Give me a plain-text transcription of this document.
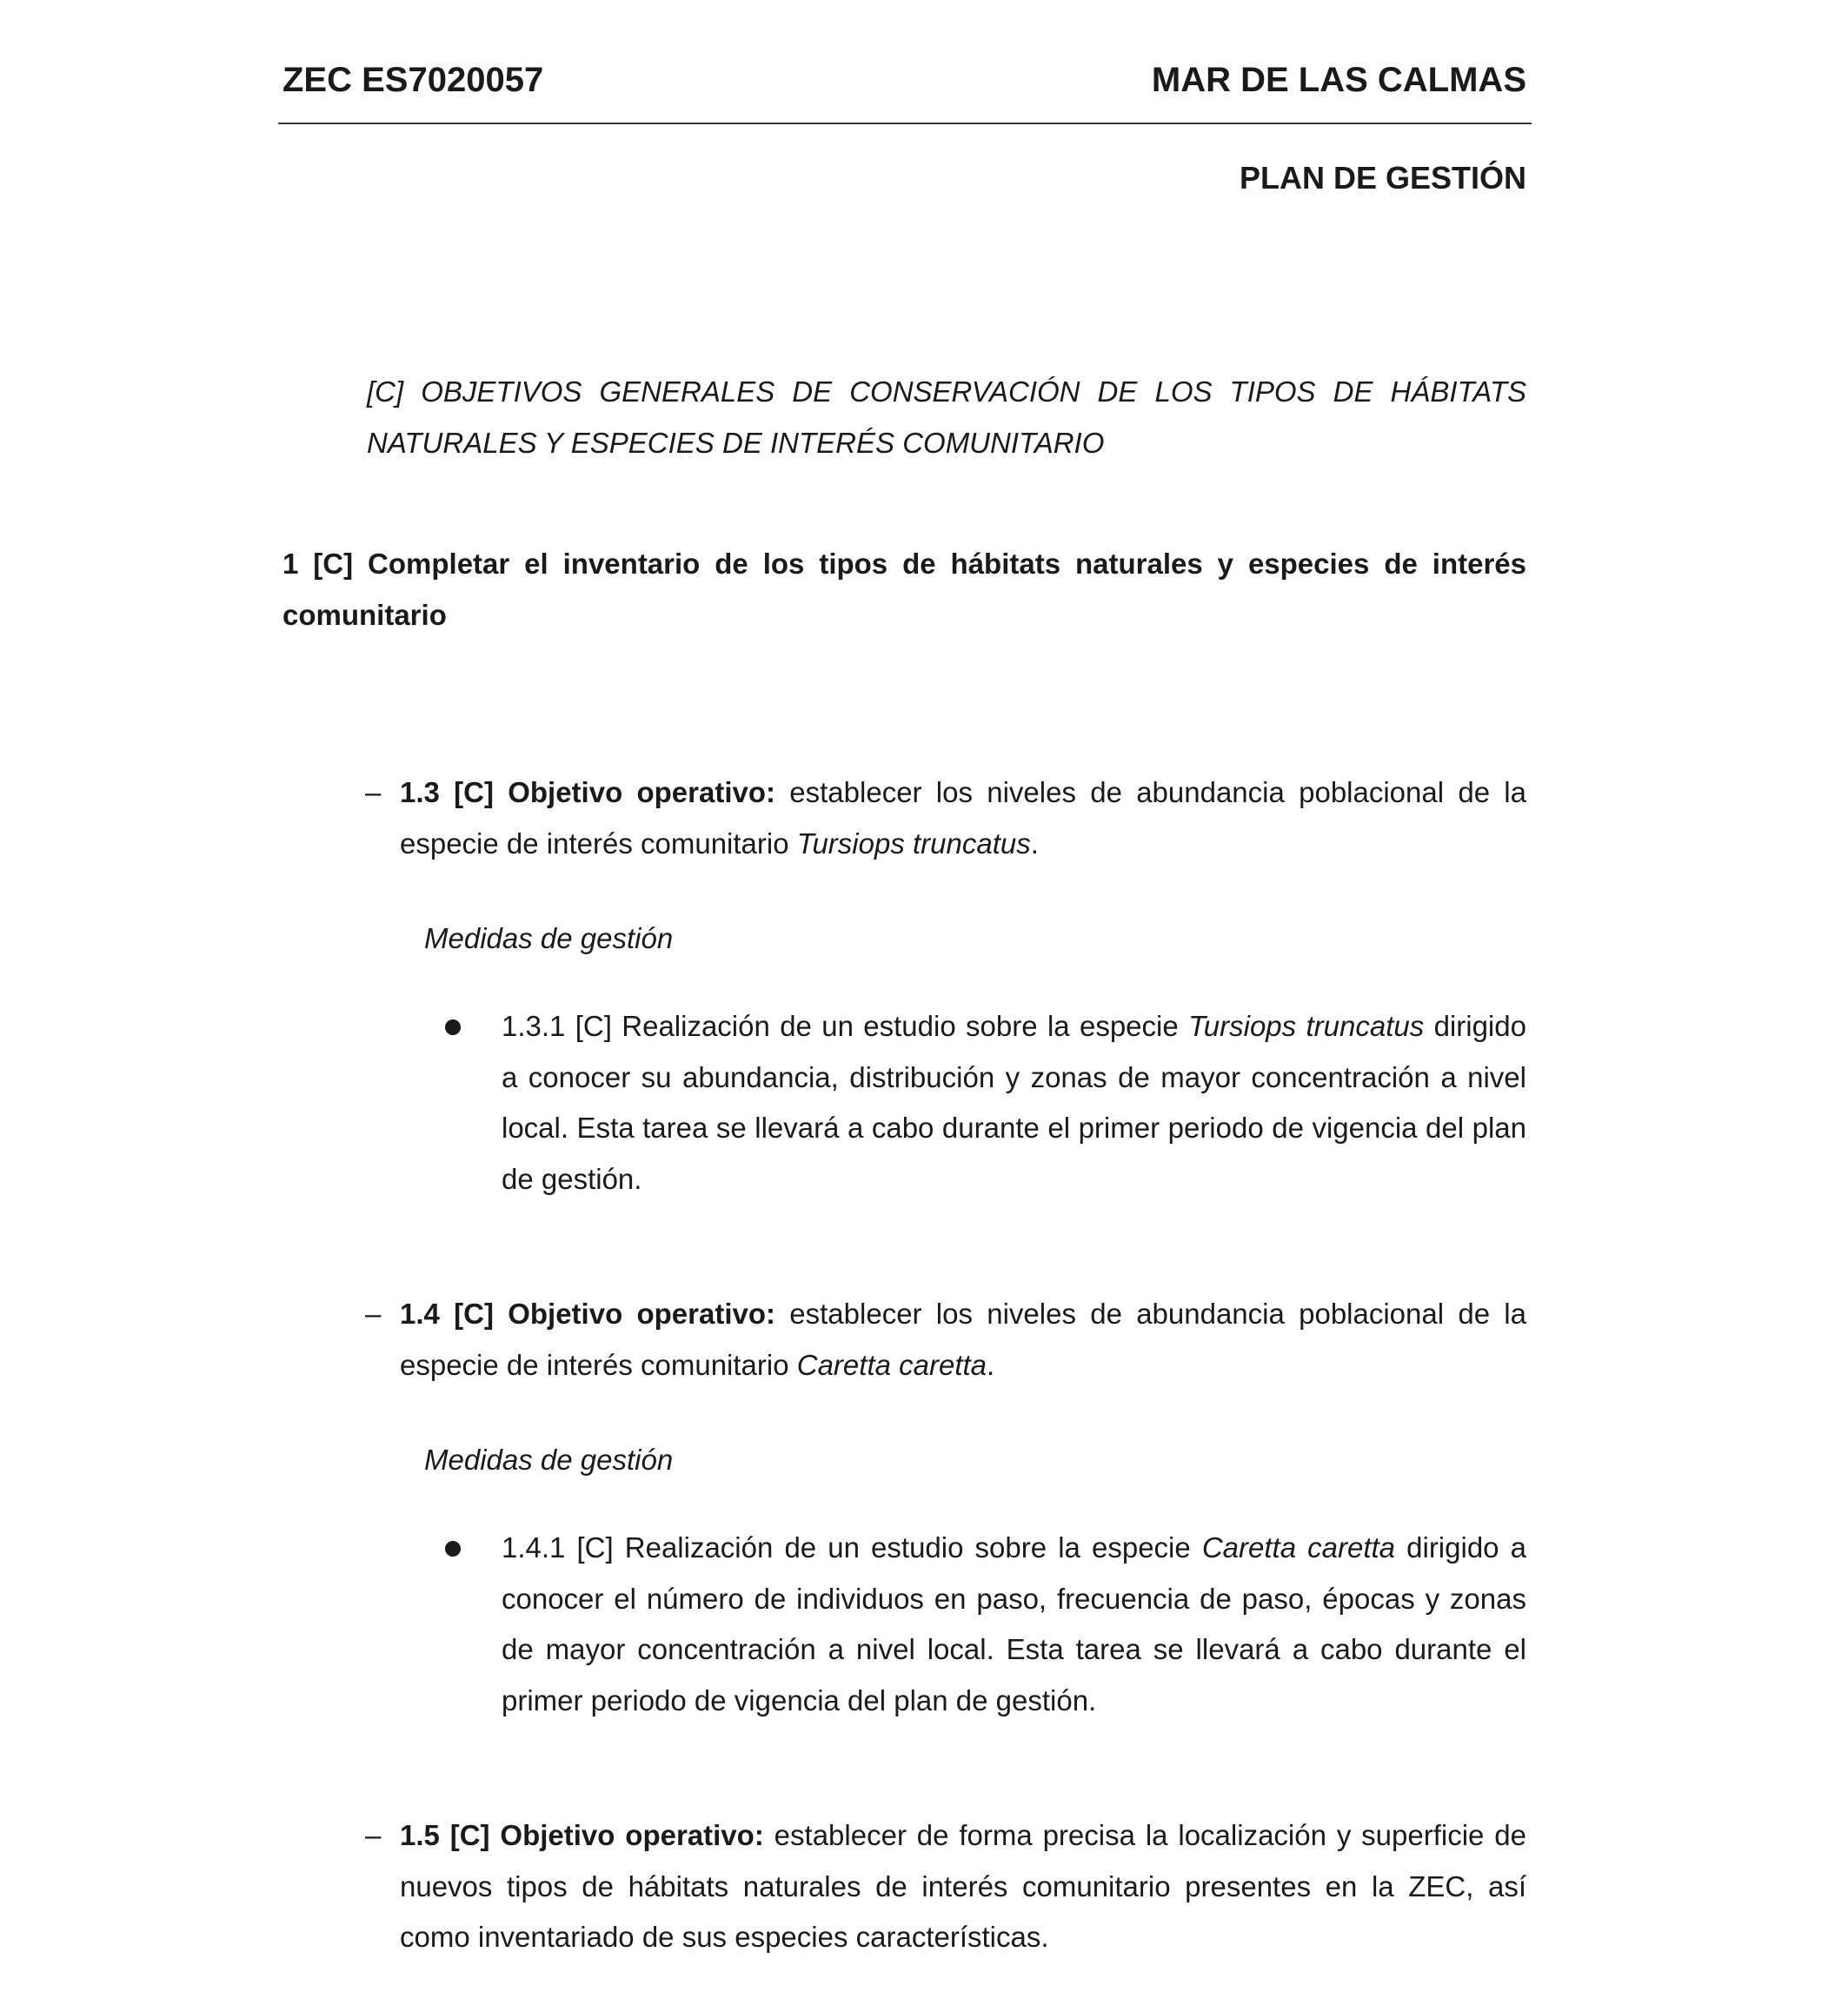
ZEC ES7020057	MAR DE LAS CALMAS
PLAN DE GESTIÓN
[C] OBJETIVOS GENERALES DE CONSERVACIÓN DE LOS TIPOS DE HÁBITATS NATURALES Y ESPECIES DE INTERÉS COMUNITARIO
1 [C] Completar el inventario de los tipos de hábitats naturales y especies de interés comunitario
– 1.3 [C] Objetivo operativo: establecer los niveles de abundancia poblacional de la especie de interés comunitario Tursiops truncatus.
Medidas de gestión
1.3.1 [C] Realización de un estudio sobre la especie Tursiops truncatus dirigido a conocer su abundancia, distribución y zonas de mayor concentración a nivel local. Esta tarea se llevará a cabo durante el primer periodo de vigencia del plan de gestión.
– 1.4 [C] Objetivo operativo: establecer los niveles de abundancia poblacional de la especie de interés comunitario Caretta caretta.
Medidas de gestión
1.4.1 [C] Realización de un estudio sobre la especie Caretta caretta dirigido a conocer el número de individuos en paso, frecuencia de paso, épocas y zonas de mayor concentración a nivel local. Esta tarea se llevará a cabo durante el primer periodo de vigencia del plan de gestión.
– 1.5 [C] Objetivo operativo: establecer de forma precisa la localización y superficie de nuevos tipos de hábitats naturales de interés comunitario presentes en la ZEC, así como inventariado de sus especies características.
